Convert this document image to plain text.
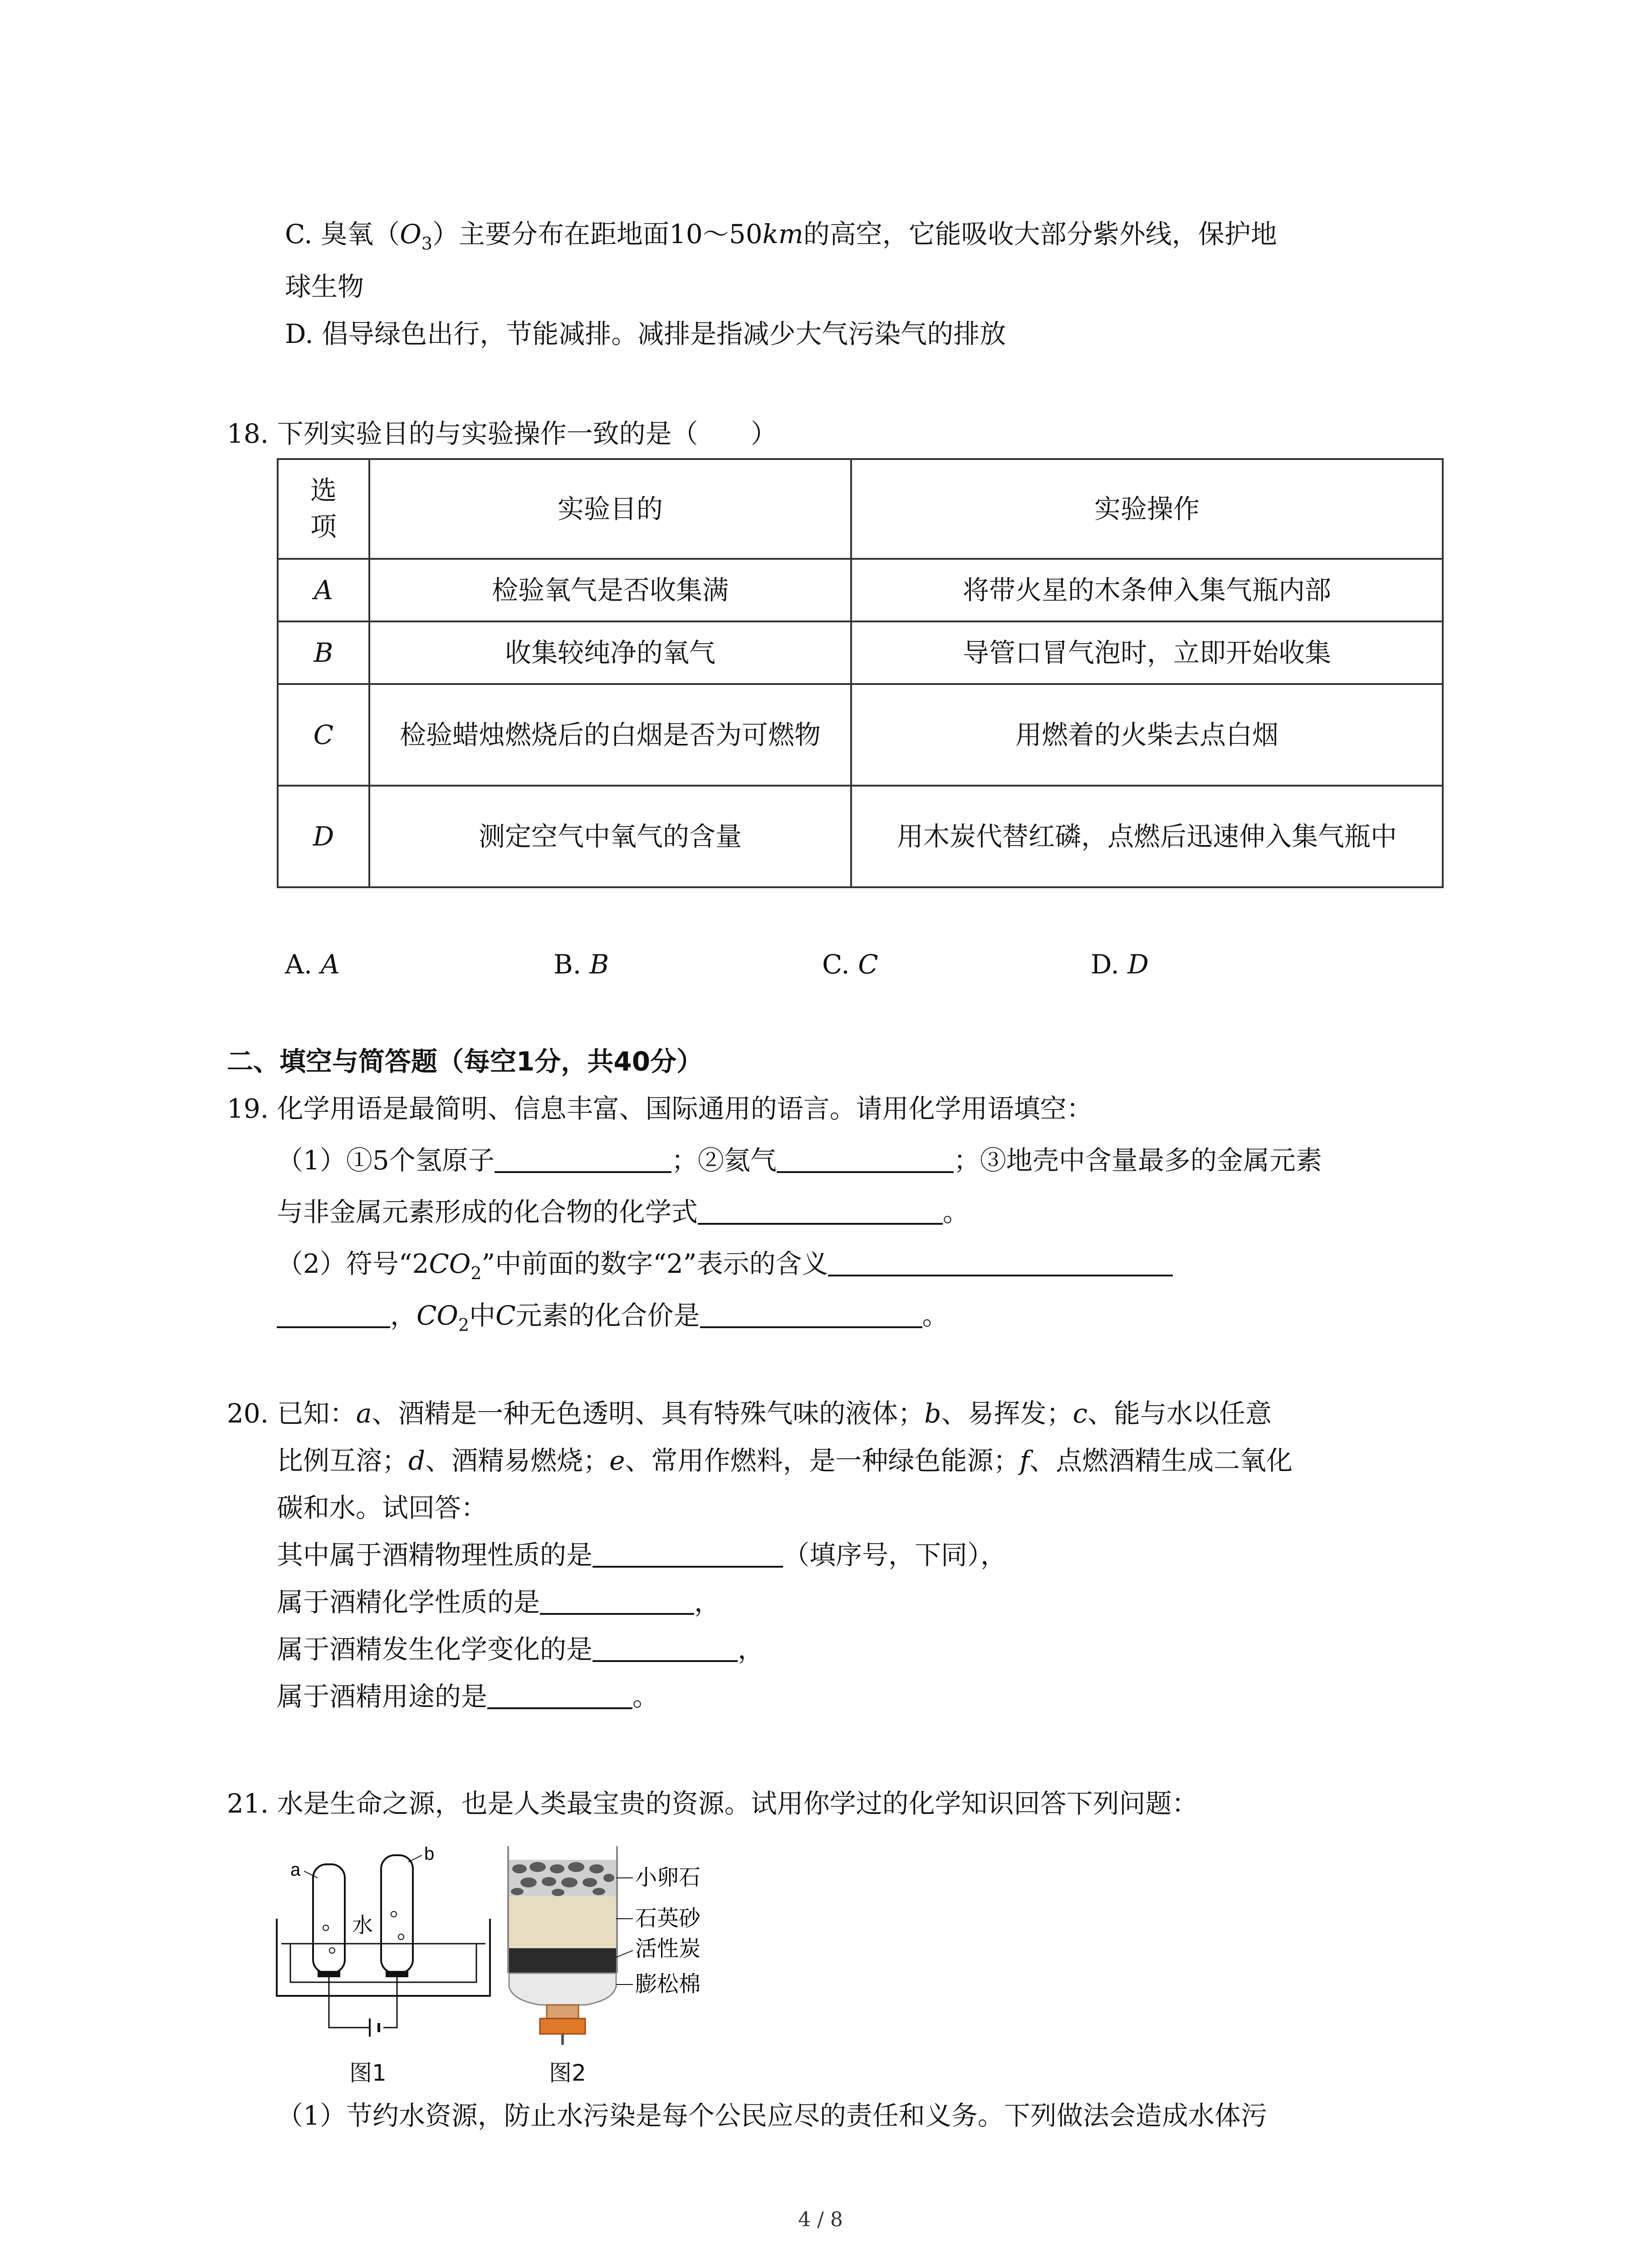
C. 臭氧$(O_3)$主要分布在距地面10～50km的高空，它能吸收大部分紫外线，保护地
球生物
D. 倡导绿色出行，节能减排。减排是指减少大气污染气的排放
18. 下列实验目的与实验操作一致的是（　　）
选项	实验目的	实验操作
A	检验氧气是否收集满	将带火星的木条伸入集气瓶内部
B	收集较纯净的氧气	导管口冒气泡时，立即开始收集
C	检验蜡烛燃烧后的白烟是否为可燃物	用燃着的火柴去点白烟
D	测定空气中氧气的含量	用木炭代替红磷，点燃后迅速伸入集气瓶中
A. A	B. B	C. C	D. D
二、填空与简答题（每空1分，共40分）
19. 化学用语是最简明、信息丰富、国际通用的语言。请用化学用语填空：
（1）①5个氢原子	；②氦气	；③地壳中含量最多的金属元素
与非金属元素形成的化合物的化学式	。
（2）符号“$2CO_2$”中前面的数字“2”表示的含义
，$CO_2$中C元素的化合价是	。
20. 已知：a、酒精是一种无色透明、具有特殊气味的液体；b、易挥发；c、能与水以任意
比例互溶；d、酒精易燃烧；e、常用作燃料，是一种绿色能源；f、点燃酒精生成二氧化
碳和水。试回答：
其中属于酒精物理性质的是	（填序号，下同），
属于酒精化学性质的是	，
属于酒精发生化学变化的是	，
属于酒精用途的是	。
21. 水是生命之源，也是人类最宝贵的资源。试用你学过的化学知识回答下列问题：
a
b
水
图1
小卵石
石英砂
活性炭
膨松棉
图2
（1）节约水资源，防止水污染是每个公民应尽的责任和义务。下列做法会造成水体污
4 / 8
